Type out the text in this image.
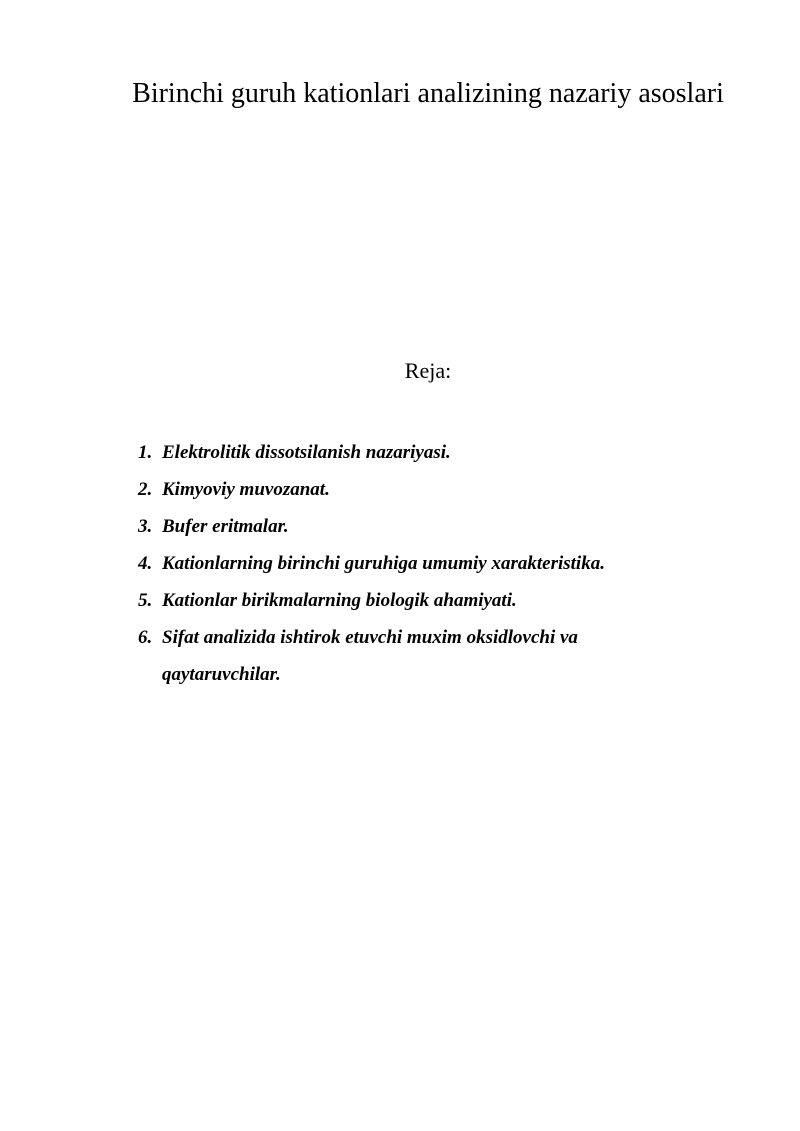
Birinchi guruh kationlari analizining nazariy asoslari

Reja:

1. Elektrolitik dissotsilanish nazariyasi.
2. Kimyoviy muvozanat.
3. Bufer eritmalar.
4. Kationlarning birinchi guruhiga umumiy xarakteristika.
5. Kationlar birikmalarning biologik ahamiyati.
6. Sifat analizida ishtirok etuvchi muxim oksidlovchi va qaytaruvchilar.
